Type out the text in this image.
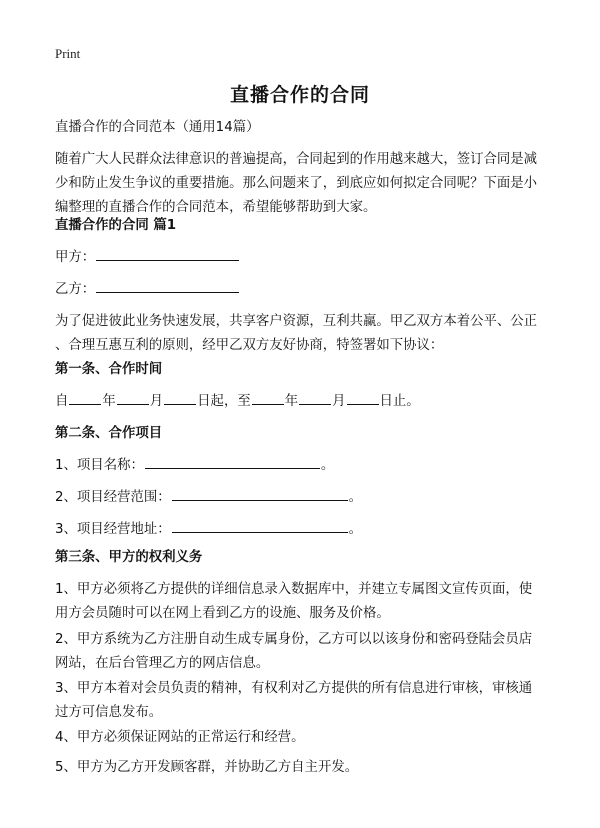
Print
直播合作的合同
直播合作的合同范本（通用14篇）
随着广大人民群众法律意识的普遍提高，合同起到的作用越来越大，签订合同是减
少和防止发生争议的重要措施。那么问题来了，到底应如何拟定合同呢？下面是小
编整理的直播合作的合同范本，希望能够帮助到大家。
直播合作的合同 篇1
甲方：
乙方：
为了促进彼此业务快速发展，共享客户资源，互利共赢。甲乙双方本着公平、公正
、合理互惠互利的原则，经甲乙双方友好协商，特签署如下协议：
第一条、合作时间
自	年	月	日起，至	年	月	日止。
第二条、合作项目
1、项目名称：	。
2、项目经营范围：	。
3、项目经营地址：	。
第三条、甲方的权利义务
1、甲方必须将乙方提供的详细信息录入数据库中，并建立专属图文宣传页面，使
用方会员随时可以在网上看到乙方的设施、服务及价格。
2、甲方系统为乙方注册自动生成专属身份，乙方可以以该身份和密码登陆会员店
网站，在后台管理乙方的网店信息。
3、甲方本着对会员负责的精神，有权利对乙方提供的所有信息进行审核，审核通
过方可信息发布。
4、甲方必须保证网站的正常运行和经营。
5、甲方为乙方开发顾客群，并协助乙方自主开发。
